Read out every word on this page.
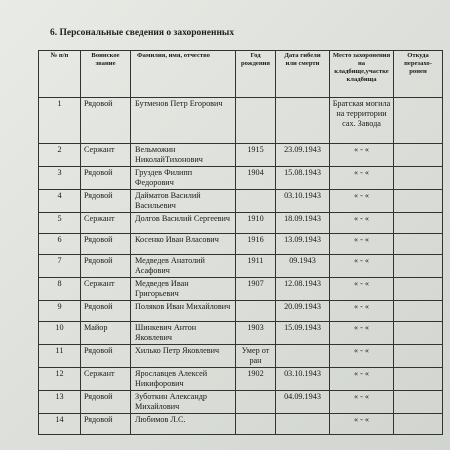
6. Персональные сведения о захороненных
№ п/п	Воинское звание	Фамилия, имя, отчество	Год рождения	Дата гибели или смерти	Место захоронения на кладбище,участке кладбища	Откуда перезахо-ронен
1	Рядовой	Бутменов Петр Егорович			Братская могила на территории сах. Завода	
2	Сержант	Вельможин НиколайТихонович	1915	23.09.1943	« - «	
3	Рядовой	Груздев Филипп Федорович	1904	15.08.1943	« - «	
4	Рядовой	Дайматов Василий Васильевич		03.10.1943	« - «	
5	Сержант	Долгов Василий Сергеевич	1910	18.09.1943	« - «	
6	Рядовой	Косенко Иван Власович	1916	13.09.1943	« - «	
7	Рядовой	Медведев Анатолий Асафович	1911	09.1943	« - «	
8	Сержант	Медведев Иван Григорьевич	1907	12.08.1943	« - «	
9	Рядовой	Поляков Иван Михайлович		20.09.1943	« - «	
10	Майор	Шинкевич Антон Яковлевич	1903	15.09.1943	« - «	
11	Рядовой	Хилько Петр Яковлевич	Умер от ран		« - «	
12	Сержант	Ярославцев Алексей Никифорович	1902	03.10.1943	« - «	
13	Рядовой	Зуботкин Александр Михайлович		04.09.1943	« - «	
14	Рядовой	Любимов Л.С.			« - «	
